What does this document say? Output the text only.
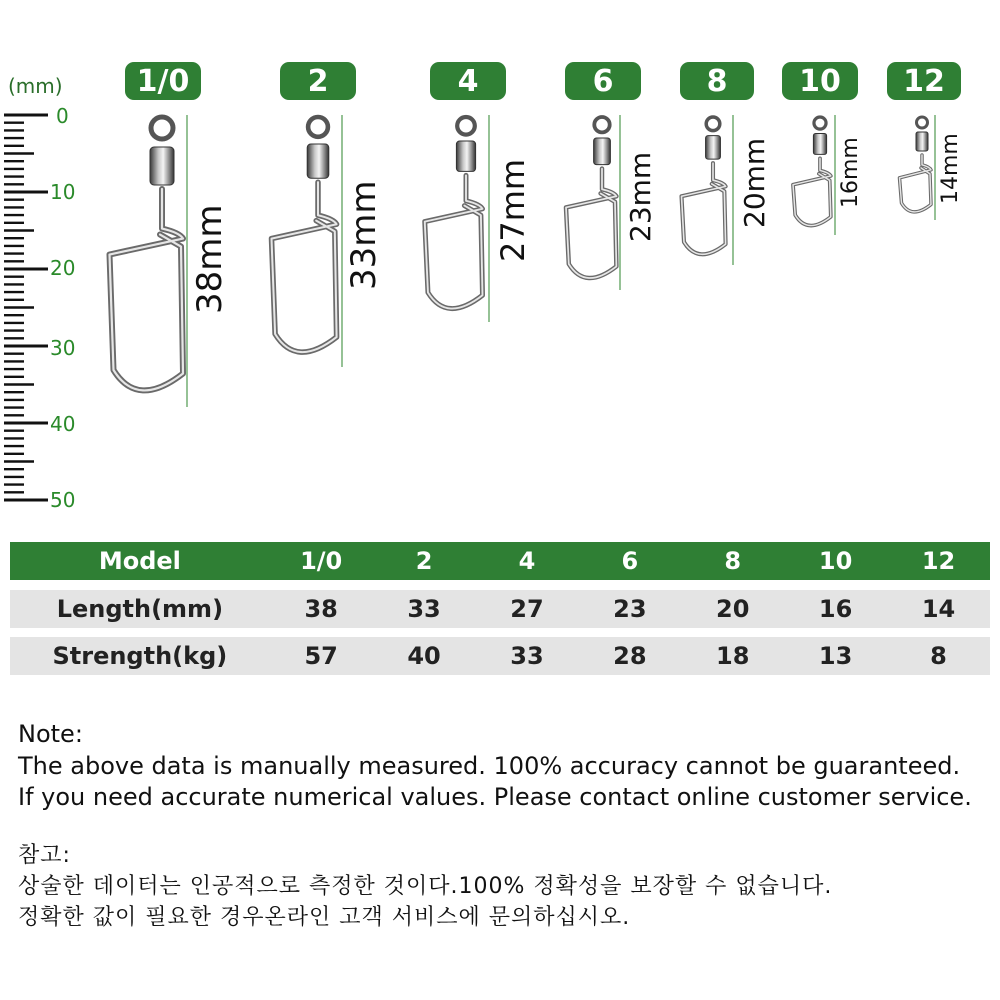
(mm)
0
10
20
30
40
50
1/0	2	4	6	8	10	12
38mm	33mm	27mm	23mm	20mm	16mm	14mm
Model	1/0	2	4	6	8	10	12
Length(mm)	38	33	27	23	20	16	14
Strength(kg)	57	40	33	28	18	13	8
Note:
The above data is manually measured. 100% accuracy cannot be guaranteed.
If you need accurate numerical values. Please contact online customer service.
참고:
상술한 데이터는 인공적으로 측정한 것이다.100% 정확성을 보장할 수 없습니다.
정확한 값이 필요한 경우온라인 고객 서비스에 문의하십시오.
